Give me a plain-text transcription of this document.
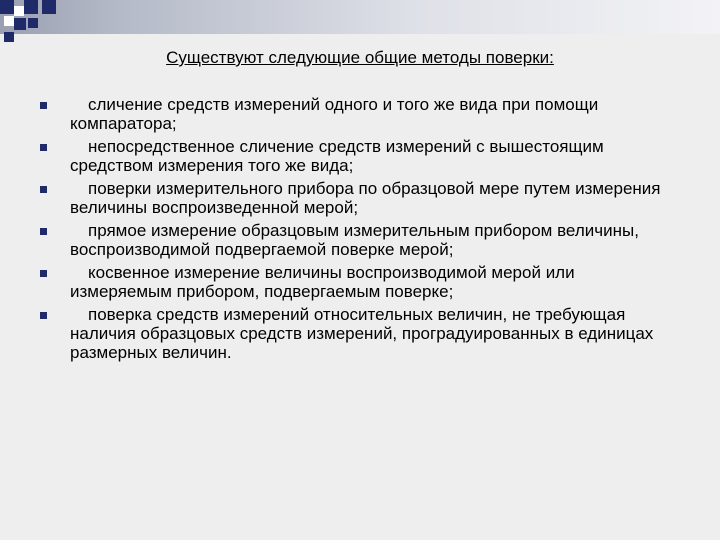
Существуют следующие общие методы поверки:
сличение средств измерений одного и того же вида при помощи компаратора;
непосредственное сличение средств измерений с вышестоящим средством измерения того же вида;
поверки измерительного прибора по образцовой мере путем измерения величины воспроизведенной мерой;
прямое измерение образцовым измерительным прибором величины, воспроизводимой подвергаемой поверке мерой;
косвенное измерение величины воспроизводимой мерой или измеряемым прибором, подвергаемым поверке;
поверка средств измерений относительных величин, не требующая наличия образцовых средств измерений, проградуированных в единицах размерных величин.
